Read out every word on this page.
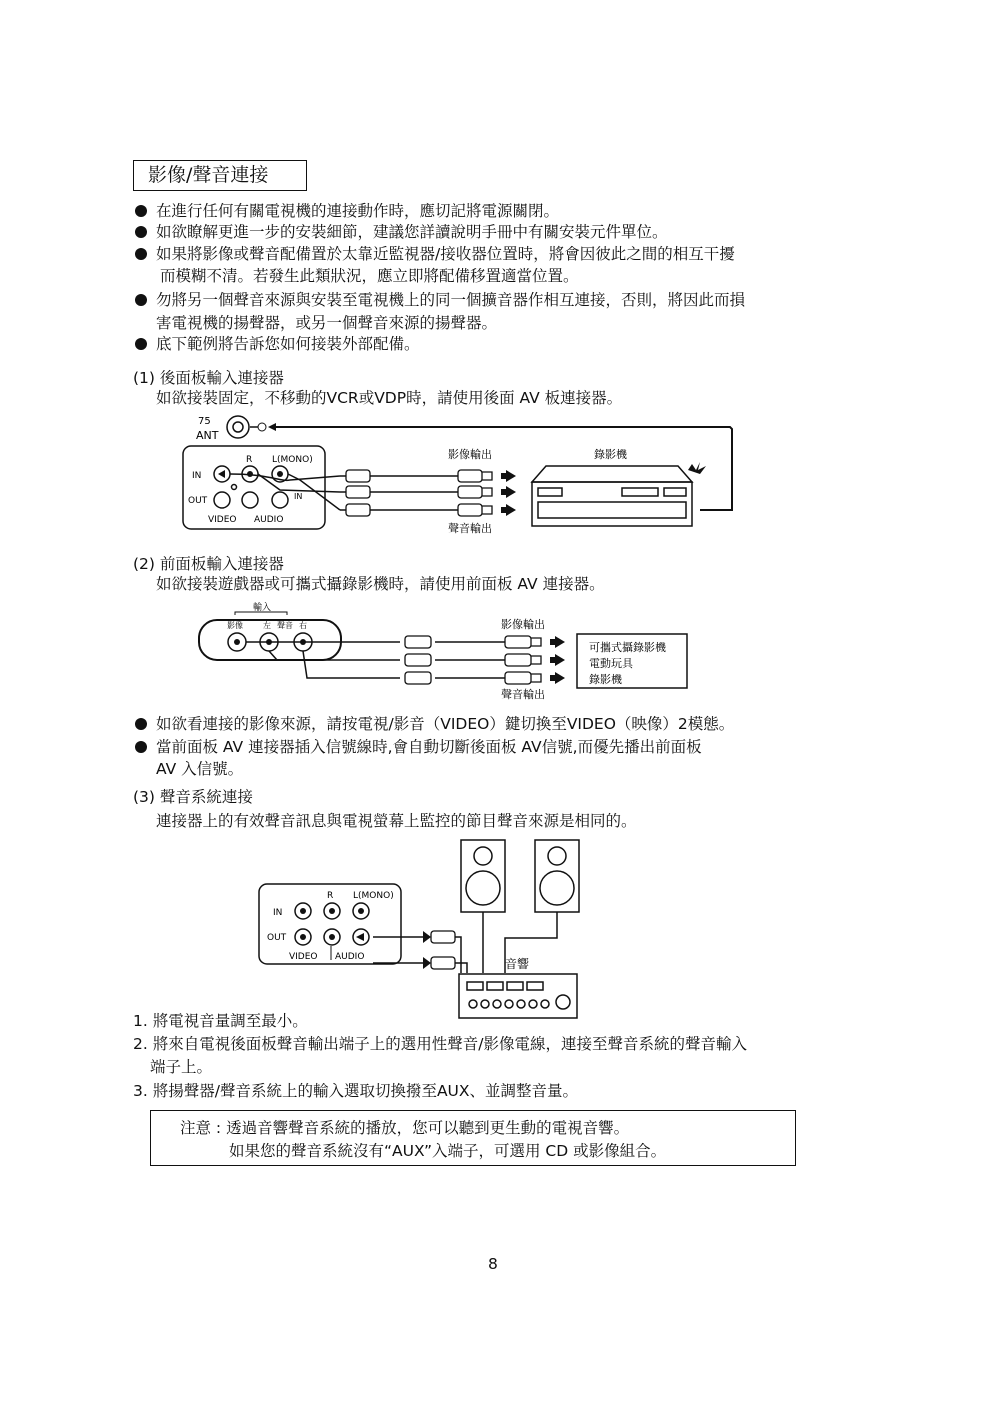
影像/聲音連接
在進行任何有關電視機的連接動作時，應切記將電源關閉。
如欲瞭解更進一步的安裝細節，建議您詳讀說明手冊中有關安裝元件單位。
如果將影像或聲音配備置於太靠近監視器/接收器位置時，將會因彼此之間的相互干擾
而模糊不清。若發生此類狀況，應立即將配備移置適當位置。
勿將另一個聲音來源與安裝至電視機上的同一個擴音器作相互連接，否則，將因此而損
害電視機的揚聲器，或另一個聲音來源的揚聲器。
底下範例將告訴您如何接裝外部配備。
(1) 後面板輸入連接器
如欲接裝固定，不移動的VCR或VDP時，請使用後面 AV 板連接器。
75
ANT
R L(MONO)
IN
OUT	IN
VIDEO AUDIO
影像輸出
聲音輸出
錄影機
(2) 前面板輸入連接器
如欲接裝遊戲器或可攜式攝錄影機時，請使用前面板 AV 連接器。
輸入
影像	左 聲音 右	影像輸出
聲音輸出
可攜式攝錄影機
電動玩具
錄影機
如欲看連接的影像來源，請按電視/影音（VIDEO）鍵切換至VIDEO（映像）2模態。
當前面板 AV 連接器插入信號線時,會自動切斷後面板 AV信號,而優先播出前面板
AV 入信號。
(3) 聲音系統連接
連接器上的有效聲音訊息與電視螢幕上監控的節目聲音來源是相同的。
R L(MONO)
IN
OUT
VIDEO AUDIO	音響
1. 將電視音量調至最小。
2. 將來自電視後面板聲音輸出端子上的選用性聲音/影像電線，連接至聲音系統的聲音輸入
端子上。
3. 將揚聲器/聲音系統上的輸入選取切換撥至AUX、並調整音量。
注意 : 透過音響聲音系統的播放，您可以聽到更生動的電視音響。
如果您的聲音系統沒有“AUX”入端子，可選用 CD 或影像組合。
8
